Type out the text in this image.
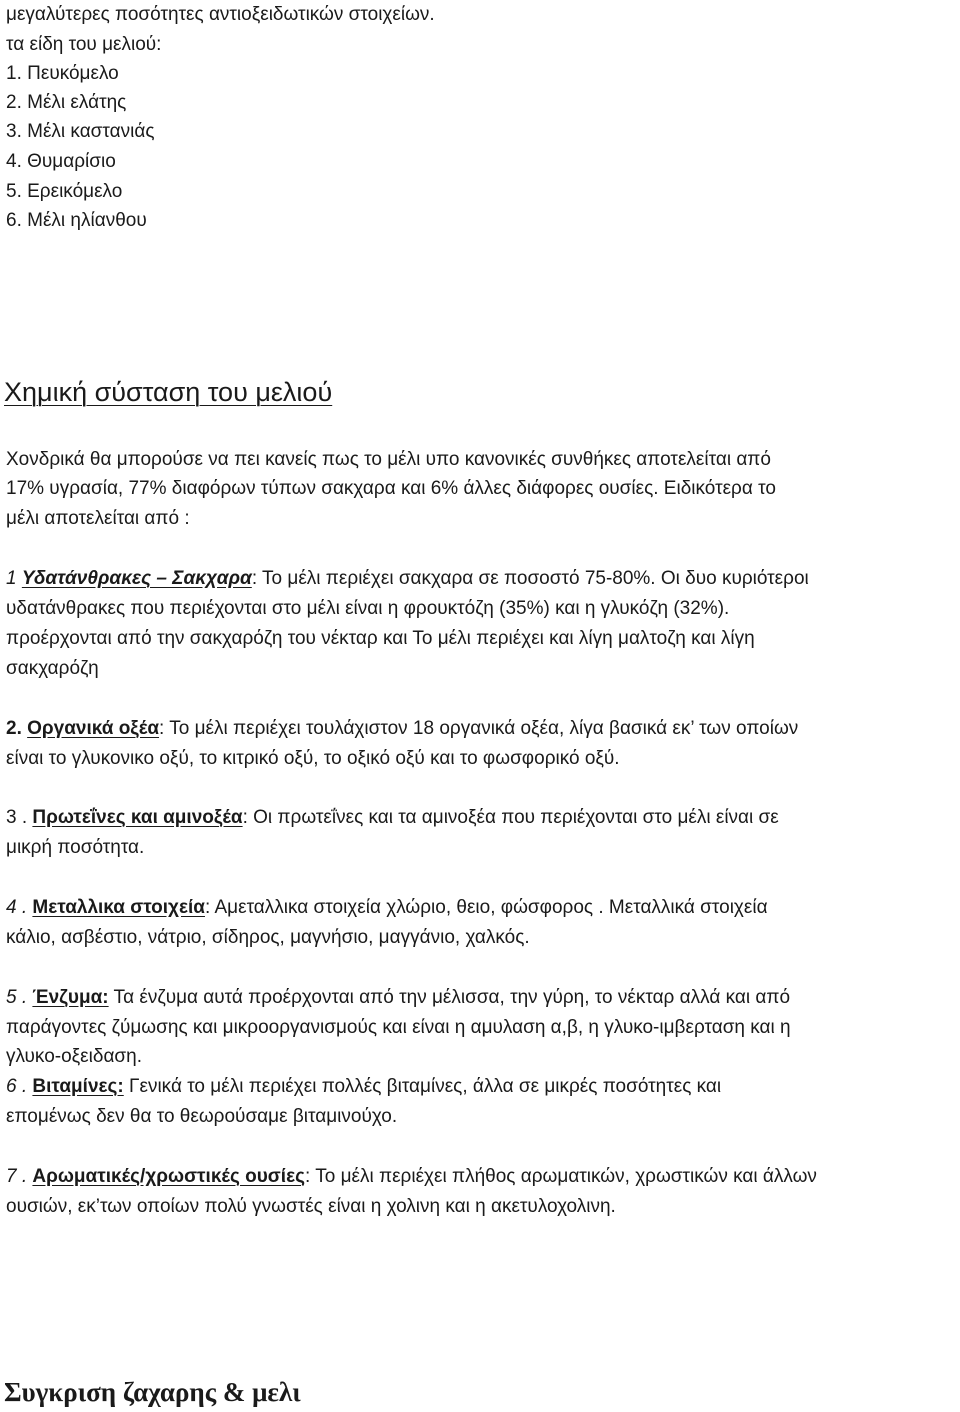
μεγαλύτερες ποσότητες αντιοξειδωτικών στοιχείων.
τα είδη του μελιού:
1. Πευκόμελο
2. Μέλι ελάτης
3. Μέλι καστανιάς
4. Θυμαρίσιο
5. Ερεικόμελο
6. Μέλι ηλίανθου
Χημική σύσταση του μελιού
Χονδρικά θα μπορούσε να πει κανείς πως το μέλι υπο κανονικές συνθήκες αποτελείται από
17% υγρασία, 77% διαφόρων τύπων σακχαρα και 6% άλλες διάφορες ουσίες. Ειδικότερα το
μέλι αποτελείται από :
1 Υδατάνθρακες – Σακχαρα: Το μέλι περιέχει σακχαρα σε ποσοστό 75-80%. Οι δυο κυριότεροι
υδατάνθρακες που περιέχονται στο μέλι είναι η φρουκτόζη (35%) και η γλυκόζη (32%).
προέρχονται από την σακχαρόζη του νέκταρ και Το μέλι περιέχει και λίγη μαλτοζη και λίγη
σακχαρόζη
2. Οργανικά οξέα: Το μέλι περιέχει τουλάχιστον 18 οργανικά οξέα, λίγα βασικά εκ’ των οποίων
είναι το γλυκονικο οξύ, το κιτρικό οξύ, το οξικό οξύ και το φωσφορικό οξύ.
3 . Πρωτεΐνες και αμινοξέα: Οι πρωτεΐνες και τα αμινοξέα που περιέχονται στο μέλι είναι σε
μικρή ποσότητα.
4 . Μεταλλικα στοιχεία: Αμεταλλικα στοιχεία χλώριο, θειο, φώσφορος . Μεταλλικά στοιχεία
κάλιο, ασβέστιο, νάτριο, σίδηρος, μαγνήσιο, μαγγάνιο, χαλκός.
5 . Ένζυμα: Τα ένζυμα αυτά προέρχονται από την μέλισσα, την γύρη, το νέκταρ αλλά και από
παράγοντες ζύμωσης και μικροοργανισμούς και είναι η αμυλαση α,β, η γλυκο-ιμβερταση και η
γλυκο-οξειδαση.
6 . Βιταμίνες: Γενικά το μέλι περιέχει πολλές βιταμίνες, άλλα σε μικρές ποσότητες και
επομένως δεν θα το θεωρούσαμε βιταμινούχο.
7 . Αρωματικές/χρωστικές ουσίες: Το μέλι περιέχει πλήθος αρωματικών, χρωστικών και άλλων
ουσιών, εκ’των οποίων πολύ γνωστές είναι η χολινη και η ακετυλοχολινη.
Συγκριση ζαχαρης & μελι
